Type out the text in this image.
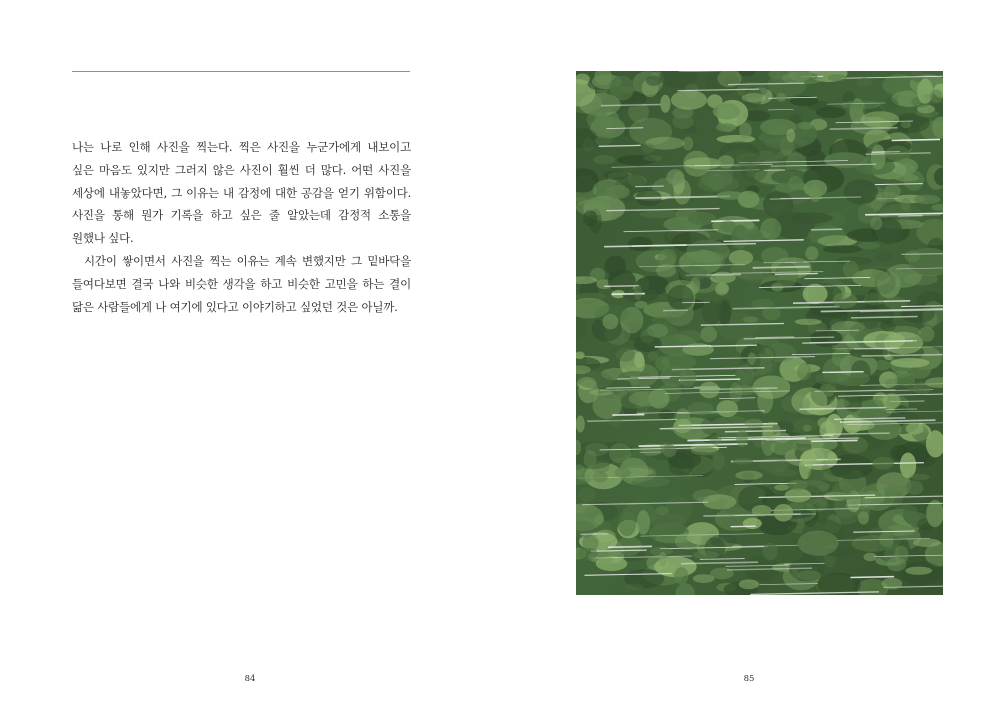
나는 나로 인해 사진을 찍는다. 찍은 사진을 누군가에게 내보이고 싶은 마음도 있지만 그러지 않은 사진이 훨씬 더 많다. 어떤 사진을 세상에 내놓았다면, 그 이유는 내 감정에 대한 공감을 얻기 위함이다. 사진을 통해 뭔가 기록을 하고 싶은 줄 알았는데 감정적 소통을 원했나 싶다.

시간이 쌓이면서 사진을 찍는 이유는 계속 변했지만 그 밑바닥을 들여다보면 결국 나와 비슷한 생각을 하고 비슷한 고민을 하는 결이 닮은 사람들에게 나 여기에 있다고 이야기하고 싶었던 것은 아닐까.

84	85
